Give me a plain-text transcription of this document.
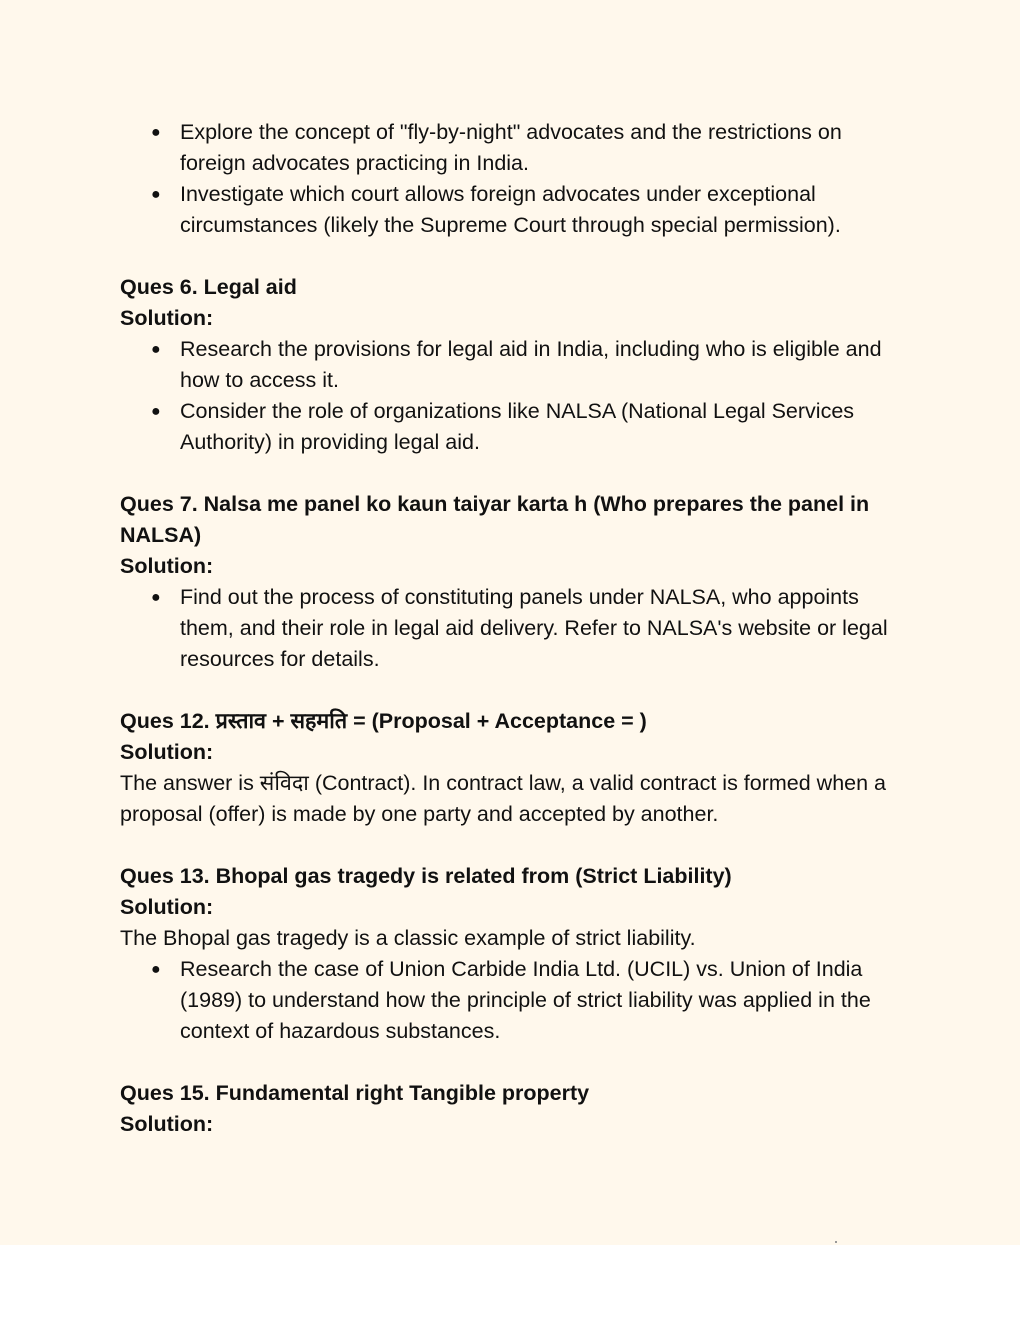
● Explore the concept of "fly-by-night" advocates and the restrictions on foreign advocates practicing in India.
● Investigate which court allows foreign advocates under exceptional circumstances (likely the Supreme Court through special permission).

Ques 6. Legal aid

Solution:

● Research the provisions for legal aid in India, including who is eligible and how to access it.
● Consider the role of organizations like NALSA (National Legal Services Authority) in providing legal aid.

Ques 7. Nalsa me panel ko kaun taiyar karta h (Who prepares the panel in NALSA)

Solution:

● Find out the process of constituting panels under NALSA, who appoints them, and their role in legal aid delivery. Refer to NALSA's website or legal resources for details.

Ques 12. प्रस्ताव + सहमति = (Proposal + Acceptance = )

Solution:

The answer is संविदा (Contract). In contract law, a valid contract is formed when a proposal (offer) is made by one party and accepted by another.

Ques 13. Bhopal gas tragedy is related from (Strict Liability)

Solution:

The Bhopal gas tragedy is a classic example of strict liability.

● Research the case of Union Carbide India Ltd. (UCIL) vs. Union of India (1989) to understand how the principle of strict liability was applied in the context of hazardous substances.

Ques 15. Fundamental right Tangible property

Solution:
